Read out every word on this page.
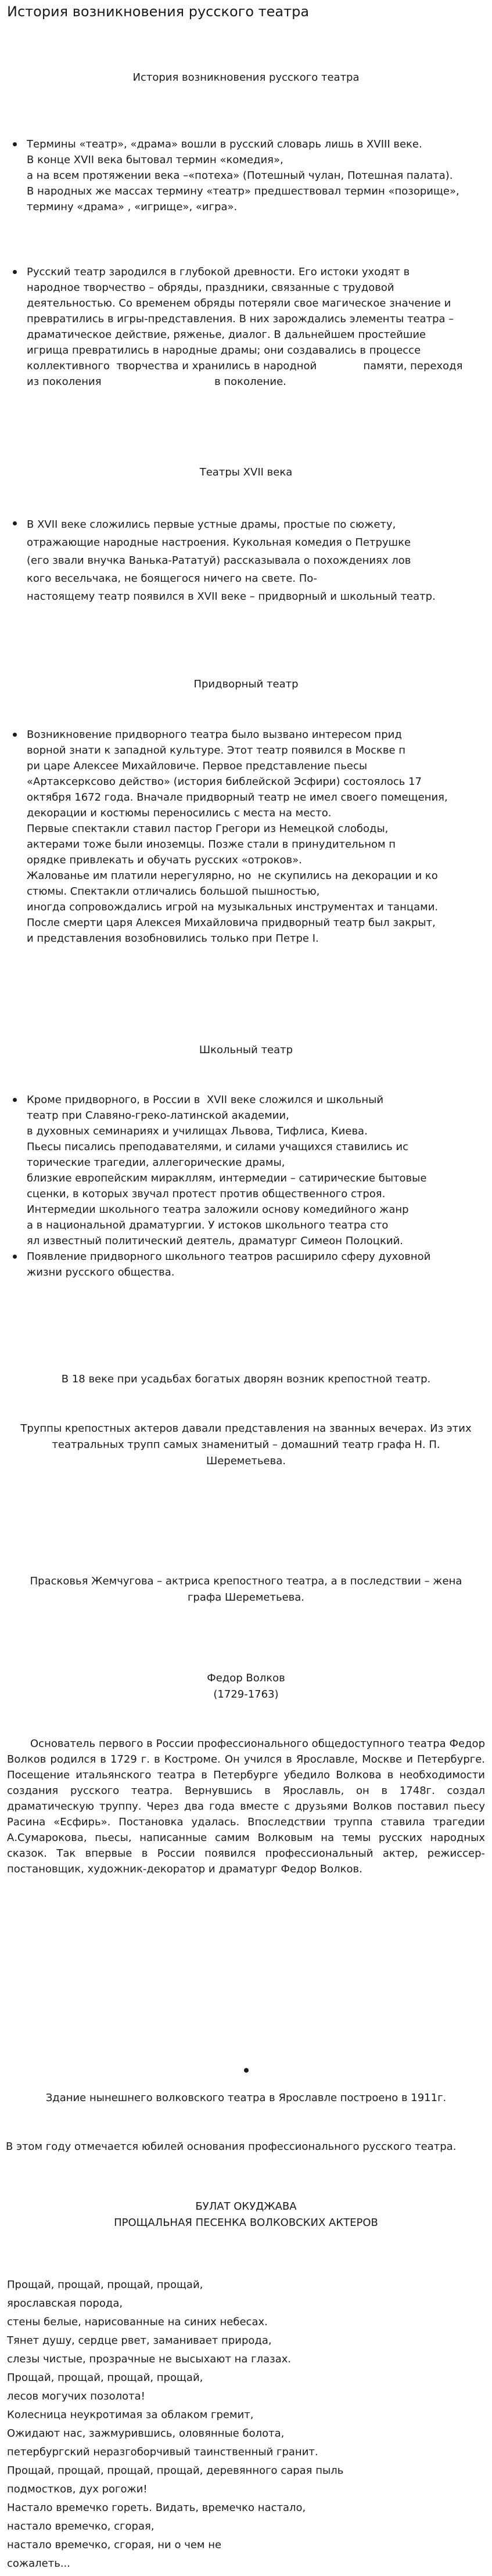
История возникновения русского театра
История возникновения русского театра
Термины «театр», «драма» вошли в русский словарь лишь в XVIII веке.
В конце XVII века бытовал термин «комедия»,
а на всем протяжении века –«потеха» (Потешный чулан, Потешная палата).
В народных же массах термину «театр» предшествовал термин «позорище»,
термину «драма» , «игрище», «игра».
Русский театр зародился в глубокой древности. Его истоки уходят в
народное творчество – обряды, праздники, связанные с трудовой
деятельностью. Со временем обряды потеряли свое магическое значение и
превратились в игры-представления. В них зарождались элементы театра –
драматическое действие, ряженье, диалог. В дальнейшем простейшие
игрища превратились в народные драмы; они создавались в процессе
коллективного  творчества и хранились в народной              памяти, переходя
из поколения                                  в поколение.
Театры XVII века
В XVII веке сложились первые устные драмы, простые по сюжету,
отражающие народные настроения. Кукольная комедия о Петрушке
(его звали внучка Ванька-Рататуй) рассказывала о похождениях лов
кого весельчака, не боящегося ничего на свете. По-
настоящему театр появился в XVII веке – придворный и школьный театр.
Придворный театр
Возникновение придворного театра было вызвано интересом прид
ворной знати к западной культуре. Этот театр появился в Москве п
ри царе Алексее Михайловиче. Первое представление пьесы
«Артаксерксово действо» (история библейской Эсфири) состоялось 17
октября 1672 года. Вначале придворный театр не имел своего помещения,
декорации и костюмы переносились с места на место.
Первые спектакли ставил пастор Грегори из Немецкой слободы,
актерами тоже были иноземцы. Позже стали в принудительном п
орядке привлекать и обучать русских «отроков».
Жалованье им платили нерегулярно, но  не скупились на декорации и ко
стюмы. Спектакли отличались большой пышностью,
иногда сопровождались игрой на музыкальных инструментах и танцами.
После смерти царя Алексея Михайловича придворный театр был закрыт,
и представления возобновились только при Петре I.
Школьный театр
Кроме придворного, в России в  XVII веке сложился и школьный
театр при Славяно-греко-латинской академии,
в духовных семинариях и училищах Львова, Тифлиса, Киева.
Пьесы писались преподавателями, и силами учащихся ставились ис
торические трагедии, аллегорические драмы,
близкие европейским миракллям, интермедии – сатирические бытовые
сценки, в которых звучал протест против общественного строя.
Интермедии школьного театра заложили основу комедийного жанр
а в национальной драматургии. У истоков школьного театра сто
ял известный политический деятель, драматург Симеон Полоцкий.
Появление придворного школьного театров расширило сферу духовной
жизни русского общества.
В 18 веке при усадьбах богатых дворян возник крепостной театр.
Труппы крепостных актеров давали представления на званных вечерах. Из этих
театральных трупп самых знаменитый – домашний театр графа Н. П.
Шереметьева.
Прасковья Жемчугова – актриса крепостного театра, а в последствии – жена
графа Шереметьева.
Федор Волков
(1729-1763)
Основатель первого в России профессионального общедоступного театра Федор Волков родился в 1729 г. в Костроме. Он учился в Ярославле, Москве и Петербурге. Посещение итальянского театра в Петербурге убедило Волкова в необходимости создания русского театра. Вернувшись в Ярославль, он в 1748г. создал драматическую труппу. Через два года вместе с друзьями Волков поставил пьесу Расина «Есфирь». Постановка удалась. Впоследствии труппа ставила трагедии А.Сумарокова, пьесы, написанные самим Волковым на темы русских народных сказок. Так впервые в России появился профессиональный актер, режиссер-постановщик, художник-декоратор и драматург Федор Волков.
Здание нынешнего волковского театра в Ярославле построено в 1911г.
В этом году отмечается юбилей основания профессионального русского театра.
БУЛАТ ОКУДЖАВА
ПРОЩАЛЬНАЯ ПЕСЕНКА ВОЛКОВСКИХ АКТЕРОВ
Прощай, прощай, прощай, прощай,
ярославская порода,
стены белые, нарисованные на синих небесах.
Тянет душу, сердце рвет, заманивает природа,
слезы чистые, прозрачные не высыхают на глазах.
Прощай, прощай, прощай, прощай,
лесов могучих позолота!
Колесница неукротимая за облаком гремит,
Ожидают нас, зажмурившись, оловянные болота,
петербургский неразгоборчивый таинственный гранит.
Прощай, прощай, прощай, прощай, деревянного сарая пыль
подмостков, дух рогожи!
Настало времечко гореть. Видать, времечко настало,
настало времечко, сгорая,
настало времечко, сгорая, ни о чем не
сожалеть...
